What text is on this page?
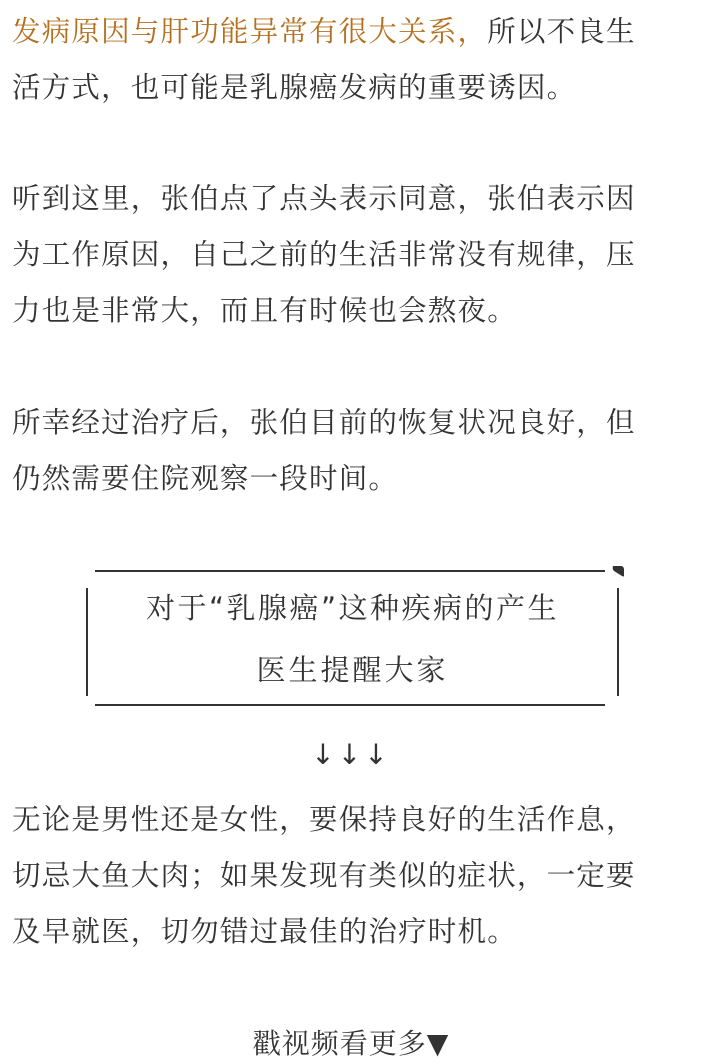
发病原因与肝功能异常有很大关系，所以不良生
活方式，也可能是乳腺癌发病的重要诱因。
听到这里，张伯点了点头表示同意，张伯表示因
为工作原因，自己之前的生活非常没有规律，压
力也是非常大，而且有时候也会熬夜。
所幸经过治疗后，张伯目前的恢复状况良好，但
仍然需要住院观察一段时间。
对于“乳腺癌”这种疾病的产生
医生提醒大家
↓↓↓
无论是男性还是女性，要保持良好的生活作息，
切忌大鱼大肉；如果发现有类似的症状，一定要
及早就医，切勿错过最佳的治疗时机。
戳视频看更多▼
